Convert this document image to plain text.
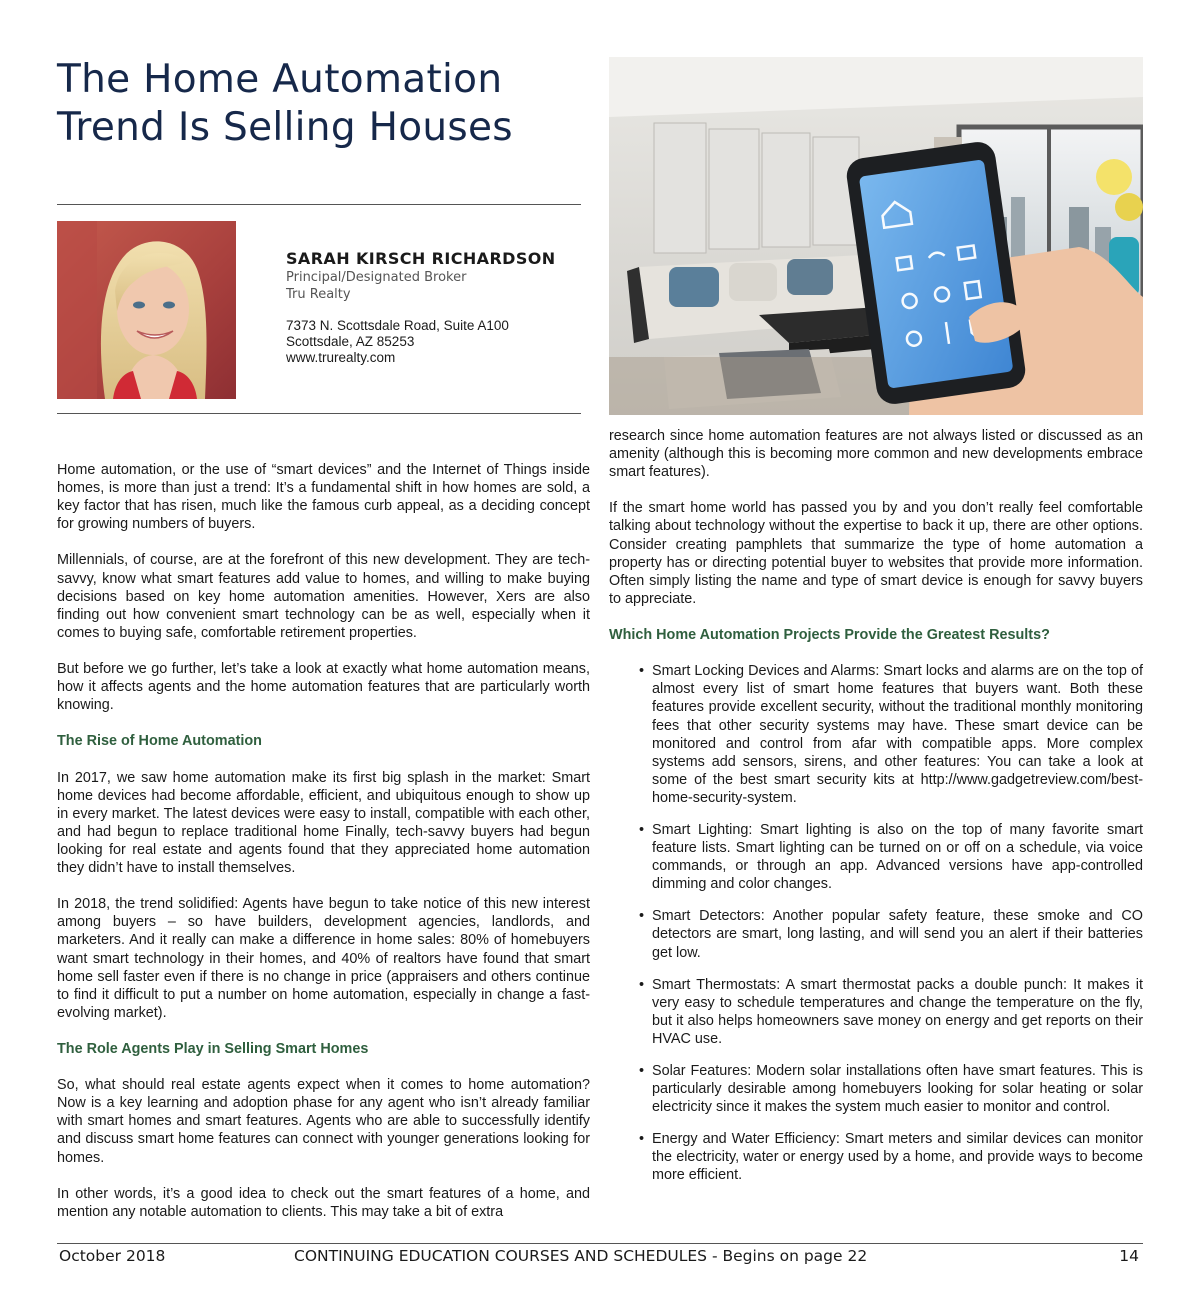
The Home Automation
Trend Is Selling Houses
SARAH KIRSCH RICHARDSON
Principal/Designated Broker
Tru Realty
7373 N. Scottsdale Road, Suite A100
Scottsdale, AZ 85253
www.trurealty.com

Home automation, or the use of “smart devices” and the Internet of Things inside homes, is more than just a trend: It’s a fundamental shift in how homes are sold, a key factor that has risen, much like the famous curb appeal, as a deciding concept for growing numbers of buyers.

Millennials, of course, are at the forefront of this new development. They are tech-savvy, know what smart features add value to homes, and willing to make buying decisions based on key home automation amenities. However, Xers are also finding out how convenient smart technology can be as well, especially when it comes to buying safe, comfortable retirement properties.

But before we go further, let’s take a look at exactly what home automation means, how it affects agents and the home automation features that are particularly worth knowing.

The Rise of Home Automation

In 2017, we saw home automation make its first big splash in the market: Smart home devices had become affordable, efficient, and ubiquitous enough to show up in every market. The latest devices were easy to install, compatible with each other, and had begun to replace traditional home Finally, tech-savvy buyers had begun looking for real estate and agents found that they appreciated home automation they didn’t have to install themselves.

In 2018, the trend solidified: Agents have begun to take notice of this new interest among buyers – so have builders, development agencies, landlords, and marketers. And it really can make a difference in home sales: 80% of homebuyers want smart technology in their homes, and 40% of realtors have found that smart home sell faster even if there is no change in price (appraisers and others continue to find it difficult to put a number on home automation, especially in change a fast-evolving market).

The Role Agents Play in Selling Smart Homes

So, what should real estate agents expect when it comes to home automation? Now is a key learning and adoption phase for any agent who isn’t already familiar with smart homes and smart features. Agents who are able to successfully identify and discuss smart home features can connect with younger generations looking for homes.

In other words, it’s a good idea to check out the smart features of a home, and mention any notable automation to clients. This may take a bit of extra

research since home automation features are not always listed or discussed as an amenity (although this is becoming more common and new developments embrace smart features).

If the smart home world has passed you by and you don’t really feel comfortable talking about technology without the expertise to back it up, there are other options. Consider creating pamphlets that summarize the type of home automation a property has or directing potential buyer to websites that provide more information. Often simply listing the name and type of smart device is enough for savvy buyers to appreciate.

Which Home Automation Projects Provide the Greatest Results?
• Smart Locking Devices and Alarms: Smart locks and alarms are on the top of almost every list of smart home features that buyers want. Both these features provide excellent security, without the traditional monthly monitoring fees that other security systems may have. These smart device can be monitored and control from afar with compatible apps. More complex systems add sensors, sirens, and other features: You can take a look at some of the best smart security kits at http://www.gadgetreview.com/best-home-security-system.
• Smart Lighting: Smart lighting is also on the top of many favorite smart feature lists. Smart lighting can be turned on or off on a schedule, via voice commands, or through an app. Advanced versions have app-controlled dimming and color changes.
• Smart Detectors: Another popular safety feature, these smoke and CO detectors are smart, long lasting, and will send you an alert if their batteries get low.
• Smart Thermostats: A smart thermostat packs a double punch: It makes it very easy to schedule temperatures and change the temperature on the fly, but it also helps homeowners save money on energy and get reports on their HVAC use.
• Solar Features: Modern solar installations often have smart features. This is particularly desirable among homebuyers looking for solar heating or solar electricity since it makes the system much easier to monitor and control.
• Energy and Water Efficiency: Smart meters and similar devices can monitor the electricity, water or energy used by a home, and provide ways to become more efficient.
October 2018	CONTINUING EDUCATION COURSES AND SCHEDULES - Begins on page 22	14
